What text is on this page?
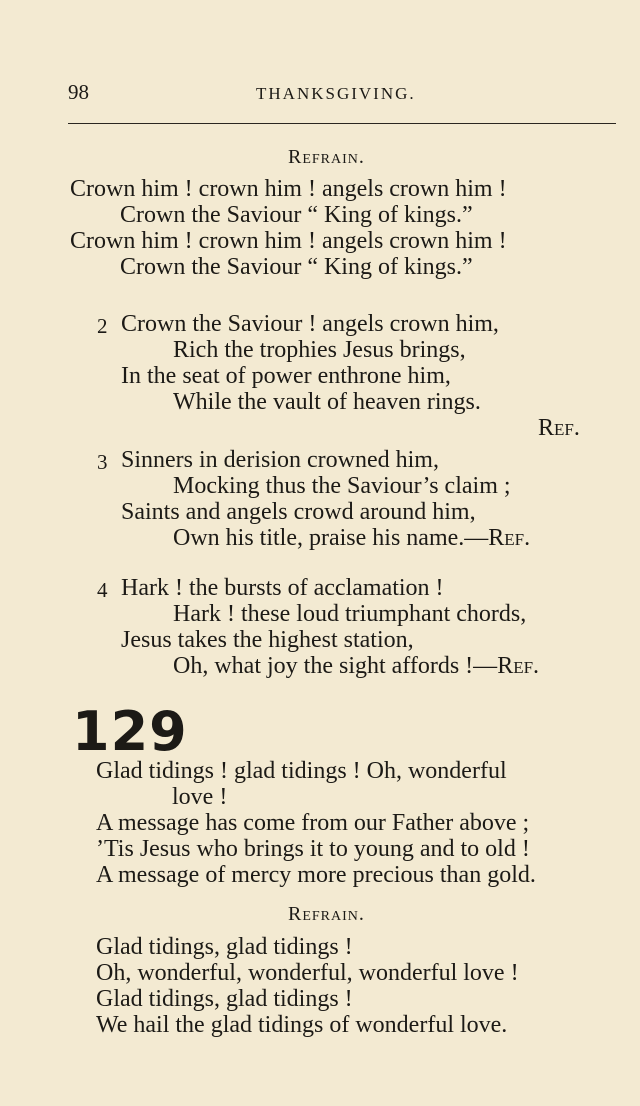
98	THANKSGIVING.
Refrain.
Crown him ! crown him ! angels crown him !
Crown the Saviour “ King of kings.”
Crown him ! crown him ! angels crown him !
Crown the Saviour “ King of kings.”
2 Crown the Saviour ! angels crown him,
Rich the trophies Jesus brings,
In the seat of power enthrone him,
While the vault of heaven rings.
Ref.
3 Sinners in derision crowned him,
Mocking thus the Saviour’s claim ;
Saints and angels crowd around him,
Own his title, praise his name.—Ref.
4 Hark ! the bursts of acclamation !
Hark ! these loud triumphant chords,
Jesus takes the highest station,
Oh, what joy the sight affords !—Ref.
129
Glad tidings ! glad tidings ! Oh, wonderful
love !
A message has come from our Father above ;
’Tis Jesus who brings it to young and to old !
A message of mercy more precious than gold.
Refrain.
Glad tidings, glad tidings !
Oh, wonderful, wonderful, wonderful love !
Glad tidings, glad tidings !
We hail the glad tidings of wonderful love.
